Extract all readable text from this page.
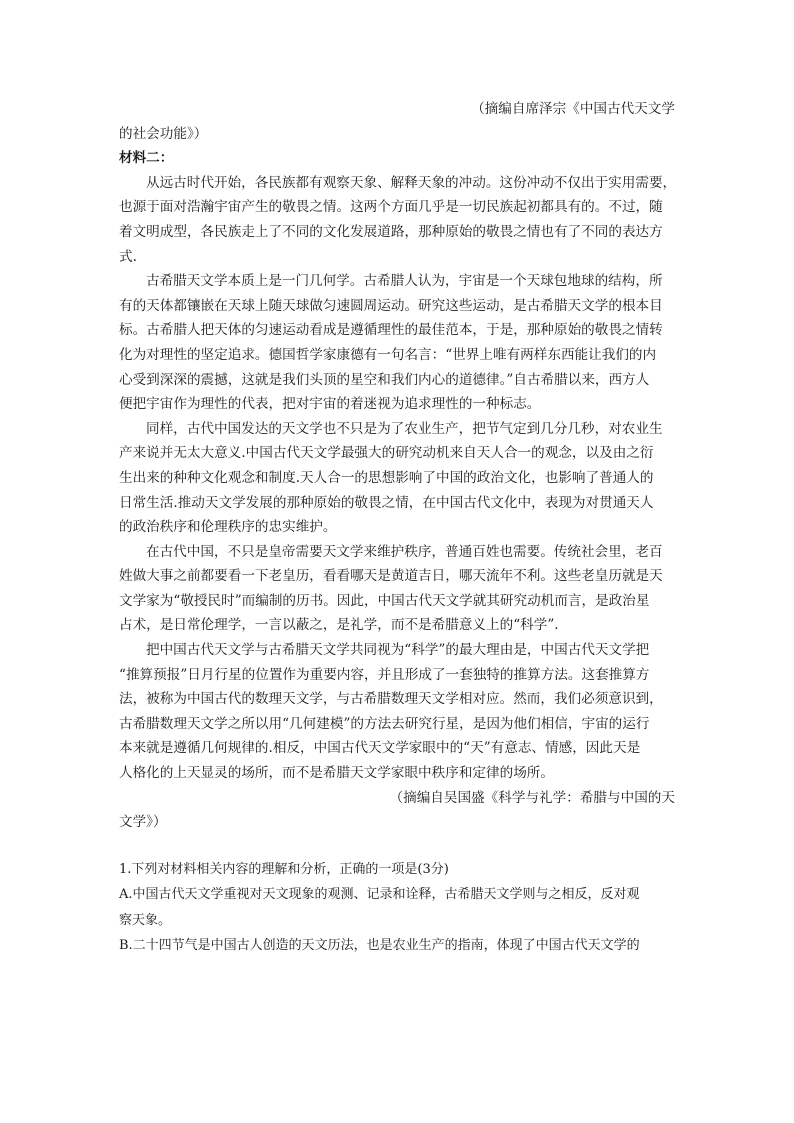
（摘编自席泽宗《中国古代天文学
的社会功能》）
材料二：
从远古时代开始，各民族都有观察天象、解释天象的冲动。这份冲动不仅出于实用需要，
也源于面对浩瀚宇宙产生的敬畏之情。这两个方面几乎是一切民族起初都具有的。不过，随
着文明成型，各民族走上了不同的文化发展道路，那种原始的敬畏之情也有了不同的表达方
式.
古希腊天文学本质上是一门几何学。古希腊人认为，宇宙是一个天球包地球的结构，所
有的天体都镶嵌在天球上随天球做匀速圆周运动。研究这些运动，是古希腊天文学的根本目
标。古希腊人把天体的匀速运动看成是遵循理性的最佳范本，于是，那种原始的敬畏之情转
化为对理性的坚定追求。德国哲学家康德有一句名言：“世界上唯有两样东西能让我们的内
心受到深深的震撼，这就是我们头顶的星空和我们内心的道德律。”自古希腊以来，西方人
便把宇宙作为理性的代表，把对宇宙的着迷视为追求理性的一种标志。
同样，古代中国发达的天文学也不只是为了农业生产，把节气定到几分几秒，对农业生
产来说并无太大意义.中国古代天文学最强大的研究动机来自天人合一的观念，以及由之衍
生出来的种种文化观念和制度.天人合一的思想影响了中国的政治文化，也影响了普通人的
日常生活.推动天文学发展的那种原始的敬畏之情，在中国古代文化中，表现为对贯通天人
的政治秩序和伦理秩序的忠实维护。
在古代中国，不只是皇帝需要天文学来维护秩序，普通百姓也需要。传统社会里，老百
姓做大事之前都要看一下老皇历，看看哪天是黄道吉日，哪天流年不利。这些老皇历就是天
文学家为“敬授民时”而编制的历书。因此，中国古代天文学就其研究动机而言，是政治星
占术，是日常伦理学，一言以蔽之，是礼学，而不是希腊意义上的“科学”.
把中国古代天文学与古希腊天文学共同视为“科学”的最大理由是，中国古代天文学把
“推算预报”日月行星的位置作为重要内容，并且形成了一套独特的推算方法。这套推算方
法，被称为中国古代的数理天文学，与古希腊数理天文学相对应。然而，我们必须意识到，
古希腊数理天文学之所以用“几何建模”的方法去研究行星，是因为他们相信，宇宙的运行
本来就是遵循几何规律的.相反，中国古代天文学家眼中的“天”有意志、情感，因此天是
人格化的上天显灵的场所，而不是希腊天文学家眼中秩序和定律的场所。
（摘编自吴国盛《科学与礼学：希腊与中国的天
文学》）
1.下列对材料相关内容的理解和分析，正确的一项是(3分)
A.中国古代天文学重视对天文现象的观测、记录和诠释，古希腊天文学则与之相反，反对观
察天象。
B.二十四节气是中国古人创造的天文历法，也是农业生产的指南，体现了中国古代天文学的
